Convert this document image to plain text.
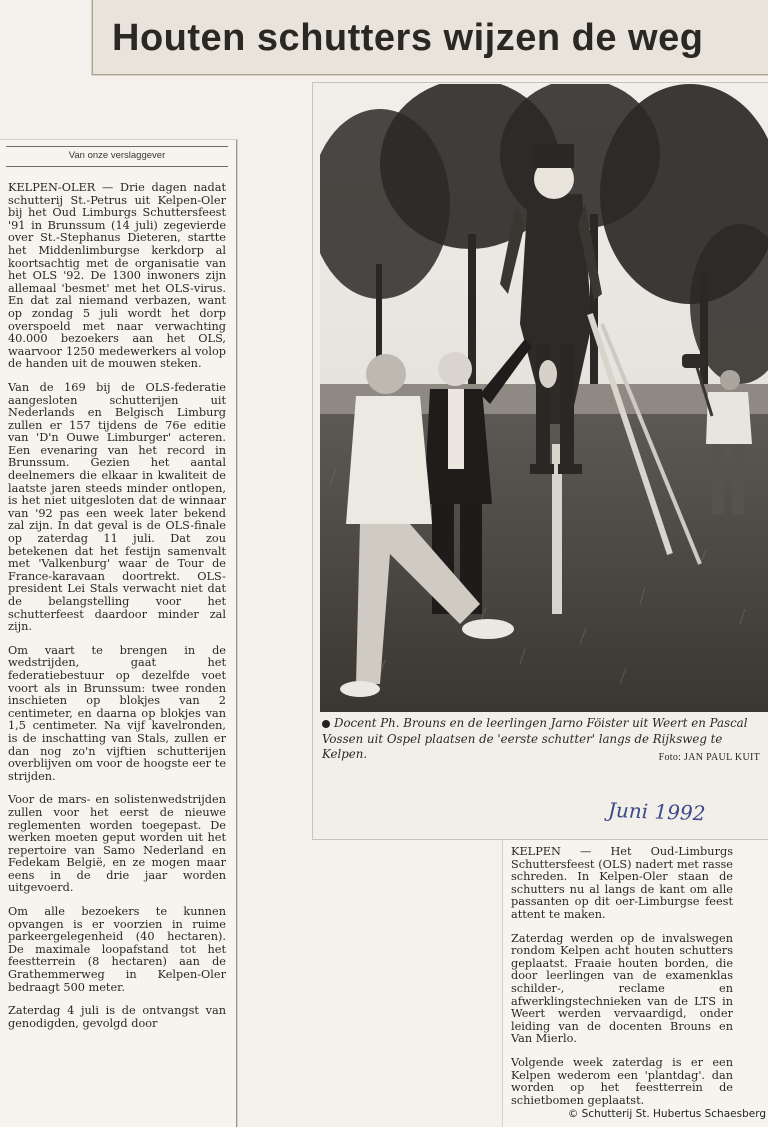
Houten schutters wijzen de weg
Van onze verslaggever

KELPEN-OLER — Drie dagen nadat schutterij St.-Petrus uit Kelpen-Oler bij het Oud Limburgs Schuttersfeest '91 in Brunssum (14 juli) zegevierde over St.-Stephanus Dieteren, startte het Middenlimburgse kerkdorp al koortsachtig met de organisatie van het OLS '92. De 1300 inwoners zijn allemaal 'besmet' met het OLS-virus. En dat zal niemand verbazen, want op zondag 5 juli wordt het dorp overspoeld met naar verwachting 40.000 bezoekers aan het OLS, waarvoor 1250 medewerkers al volop de handen uit de mouwen steken.

Van de 169 bij de OLS-federatie aangesloten schutterijen uit Nederlands en Belgisch Limburg zullen er 157 tijdens de 76e editie van 'D'n Ouwe Limburger' acteren. Een evenaring van het record in Brunssum. Gezien het aantal deelnemers die elkaar in kwaliteit de laatste jaren steeds minder ontlopen, is het niet uitgesloten dat de winnaar van '92 pas een week later bekend zal zijn. In dat geval is de OLS-finale op zaterdag 11 juli. Dat zou betekenen dat het festijn samenvalt met 'Valkenburg' waar de Tour de France-karavaan doortrekt. OLS-president Lei Stals verwacht niet dat de belangstelling voor het schutterfeest daardoor minder zal zijn.

Om vaart te brengen in de wedstrijden, gaat het federatiebestuur op dezelfde voet voort als in Brunssum: twee ronden inschieten op blokjes van 2 centimeter, en daarna op blokjes van 1,5 centimeter. Na vijf kavelronden, is de inschatting van Stals, zullen er dan nog zo'n vijftien schutterijen overblijven om voor de hoogste eer te strijden.

Voor de mars- en solistenwedstrijden zullen voor het eerst de nieuwe reglementen worden toegepast. De werken moeten geput worden uit het repertoire van Samo Nederland en Fedekam België, en ze mogen maar eens in de drie jaar worden uitgevoerd.

Om alle bezoekers te kunnen opvangen is er voorzien in ruime parkeergelegenheid (40 hectaren). De maximale loopafstand tot het feestterrein (8 hectaren) aan de Grathemmerweg in Kelpen-Oler bedraagt 500 meter.

Zaterdag 4 juli is de ontvangst van genodigden, gevolgd door

Docent Ph. Brouns en de leerlingen Jarno Föister uit Weert en Pascal Vossen uit Ospel plaatsen de 'eerste schutter' langs de Rijksweg te Kelpen.	Foto: JAN PAUL KUIT
Juni 1992

KELPEN — Het Oud-Limburgs Schuttersfeest (OLS) nadert met rasse schreden. In Kelpen-Oler staan de schutters nu al langs de kant om alle passanten op dit oer-Limburgse feest attent te maken.

Zaterdag werden op de invalswegen rondom Kelpen acht houten schutters geplaatst. Fraaie houten borden, die door leerlingen van de examenklas schilder-, reclame en afwerklingstechnieken van de LTS in Weert werden vervaardigd, onder leiding van de docenten Brouns en Van Mierlo.

Volgende week zaterdag is er een Kelpen wederom een 'plantdag'. dan worden op het feestterrein de schietbomen geplaatst.

© Schutterij St. Hubertus Schaesberg
